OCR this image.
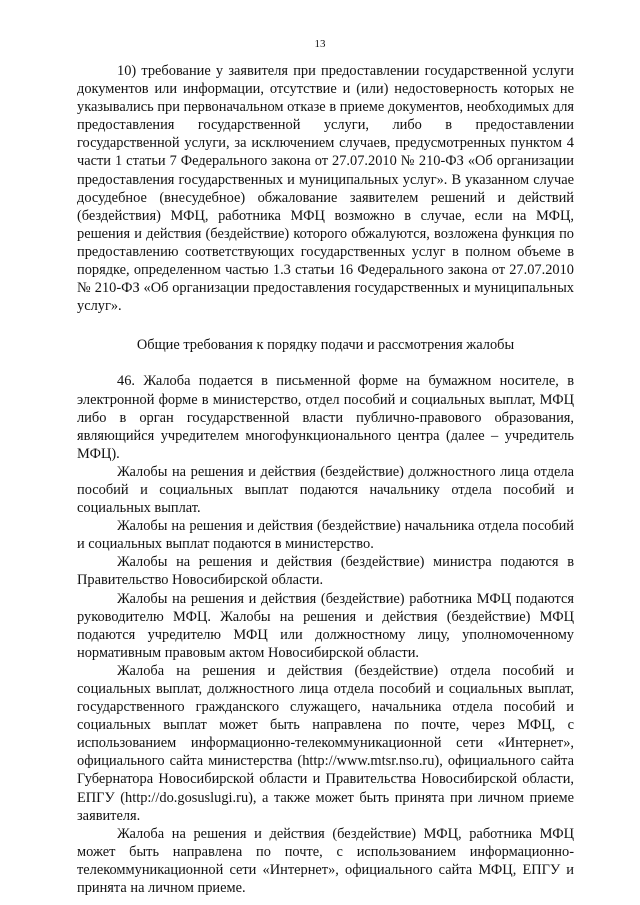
13

10) требование у заявителя при предоставлении государственной услуги документов или информации, отсутствие и (или) недостоверность которых не указывались при первоначальном отказе в приеме документов, необходимых для предоставления государственной услуги, либо в предоставлении государственной услуги, за исключением случаев, предусмотренных пунктом 4 части 1 статьи 7 Федерального закона от 27.07.2010 № 210-ФЗ «Об организации предоставления государственных и муниципальных услуг». В указанном случае досудебное (внесудебное) обжалование заявителем решений и действий (бездействия) МФЦ, работника МФЦ возможно в случае, если на МФЦ, решения и действия (бездействие) которого обжалуются, возложена функция по предоставлению соответствующих государственных услуг в полном объеме в порядке, определенном частью 1.3 статьи 16 Федерального закона от 27.07.2010 № 210-ФЗ «Об организации предоставления государственных и муниципальных услуг».

Общие требования к порядку подачи и рассмотрения жалобы

46. Жалоба подается в письменной форме на бумажном носителе, в электронной форме в министерство, отдел пособий и социальных выплат, МФЦ либо в орган государственной власти публично-правового образования, являющийся учредителем многофункционального центра (далее – учредитель МФЦ).

Жалобы на решения и действия (бездействие) должностного лица отдела пособий и социальных выплат подаются начальнику отдела пособий и социальных выплат.

Жалобы на решения и действия (бездействие) начальника отдела пособий и социальных выплат подаются в министерство.

Жалобы на решения и действия (бездействие) министра подаются в Правительство Новосибирской области.

Жалобы на решения и действия (бездействие) работника МФЦ подаются руководителю МФЦ. Жалобы на решения и действия (бездействие) МФЦ подаются учредителю МФЦ или должностному лицу, уполномоченному нормативным правовым актом Новосибирской области.

Жалоба на решения и действия (бездействие) отдела пособий и социальных выплат, должностного лица отдела пособий и социальных выплат, государственного гражданского служащего, начальника отдела пособий и социальных выплат может быть направлена по почте, через МФЦ, с использованием информационно-телекоммуникационной сети «Интернет», официального сайта министерства (http://www.mtsr.nso.ru), официального сайта Губернатора Новосибирской области и Правительства Новосибирской области, ЕПГУ (http://do.gosuslugi.ru), а также может быть принята при личном приеме заявителя.

Жалоба на решения и действия (бездействие) МФЦ, работника МФЦ может быть направлена по почте, с использованием информационно-телекоммуникационной сети «Интернет», официального сайта МФЦ, ЕПГУ и принята на личном приеме.
